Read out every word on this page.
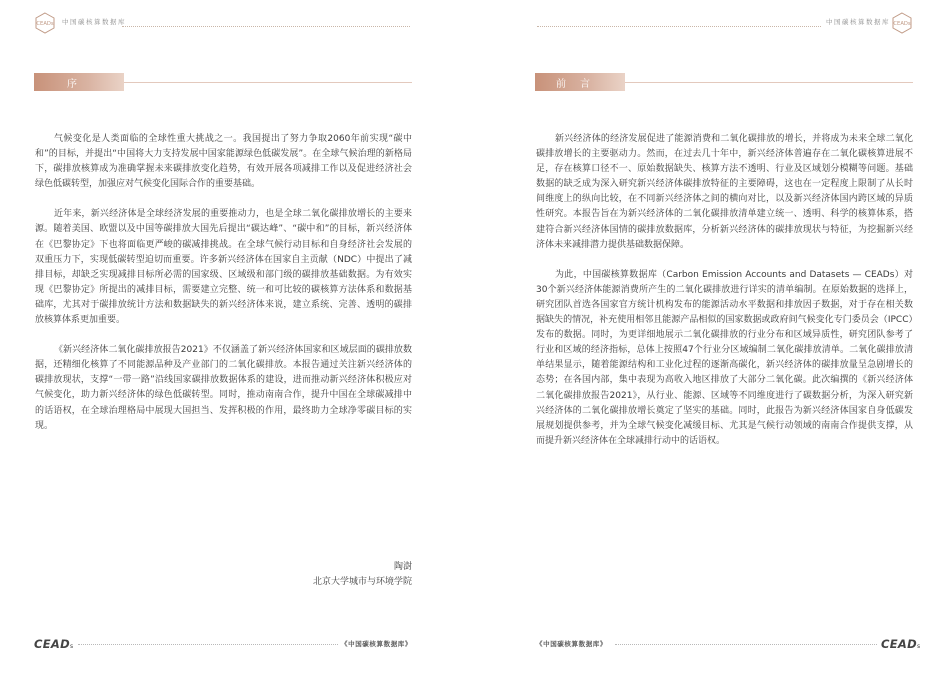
CEADs 中国碳核算数据库
序

气候变化是人类面临的全球性重大挑战之一。我国提出了努力争取2060年前实现“碳中和”的目标，并提出“中国将大力支持发展中国家能源绿色低碳发展”。在全球气候治理的新格局下，碳排放核算成为准确掌握未来碳排放变化趋势，有效开展各项减排工作以及促进经济社会绿色低碳转型，加强应对气候变化国际合作的重要基础。

近年来，新兴经济体是全球经济发展的重要推动力，也是全球二氧化碳排放增长的主要来源。随着美国、欧盟以及中国等碳排放大国先后提出“碳达峰”、“碳中和”的目标，新兴经济体在《巴黎协定》下也将面临更严峻的碳减排挑战。在全球气候行动目标和自身经济社会发展的双重压力下，实现低碳转型迫切而重要。许多新兴经济体在国家自主贡献（NDC）中提出了减排目标，却缺乏实现减排目标所必需的国家级、区域级和部门级的碳排放基础数据。为有效实现《巴黎协定》所提出的减排目标，需要建立完整、统一和可比较的碳核算方法体系和数据基础库，尤其对于碳排放统计方法和数据缺失的新兴经济体来说，建立系统、完善、透明的碳排放核算体系更加重要。

《新兴经济体二氧化碳排放报告2021》不仅涵盖了新兴经济体国家和区域层面的碳排放数据，还精细化核算了不同能源品种及产业部门的二氧化碳排放。本报告通过关注新兴经济体的碳排放现状，支撑“一带一路”沿线国家碳排放数据体系的建设，进而推动新兴经济体积极应对气候变化，助力新兴经济体的绿色低碳转型。同时，推动南南合作，提升中国在全球碳减排中的话语权，在全球治理格局中展现大国担当、发挥积极的作用，最终助力全球净零碳目标的实现。

陶澍
北京大学城市与环境学院
CEADs	《中国碳核算数据库》
中国碳核算数据库 CEADs
前言

新兴经济体的经济发展促进了能源消费和二氧化碳排放的增长，并将成为未来全球二氧化碳排放增长的主要驱动力。然而，在过去几十年中，新兴经济体普遍存在二氧化碳核算进展不足，存在核算口径不一、原始数据缺失、核算方法不透明、行业及区域划分模糊等问题。基础数据的缺乏成为深入研究新兴经济体碳排放特征的主要障碍，这也在一定程度上限制了从长时间维度上的纵向比较，在不同新兴经济体之间的横向对比，以及新兴经济体国内跨区域的异质性研究。本报告旨在为新兴经济体的二氧化碳排放清单建立统一、透明、科学的核算体系，搭建符合新兴经济体国情的碳排放数据库，分析新兴经济体的碳排放现状与特征，为挖掘新兴经济体未来减排潜力提供基础数据保障。

为此，中国碳核算数据库（Carbon Emission Accounts and Datasets — CEADs）对30个新兴经济体能源消费所产生的二氧化碳排放进行详实的清单编制。在原始数据的选择上，研究团队首选各国家官方统计机构发布的能源活动水平数据和排放因子数据，对于存在相关数据缺失的情况，补充使用相邻且能源产品相似的国家数据或政府间气候变化专门委员会（IPCC）发布的数据。同时，为更详细地展示二氧化碳排放的行业分布和区域异质性，研究团队参考了行业和区域的经济指标，总体上按照47个行业分区域编制二氧化碳排放清单。二氧化碳排放清单结果显示，随着能源结构和工业化过程的逐渐高碳化，新兴经济体的碳排放量呈急剧增长的态势；在各国内部，集中表现为高收入地区排放了大部分二氧化碳。此次编撰的《新兴经济体二氧化碳排放报告2021》，从行业、能源、区域等不同维度进行了碳数据分析，为深入研究新兴经济体的二氧化碳排放增长奠定了坚实的基础。同时，此报告为新兴经济体国家自身低碳发展规划提供参考，并为全球气候变化减缓目标、尤其是气候行动领域的南南合作提供支撑，从而提升新兴经济体在全球减排行动中的话语权。

《中国碳核算数据库》	CEADs
